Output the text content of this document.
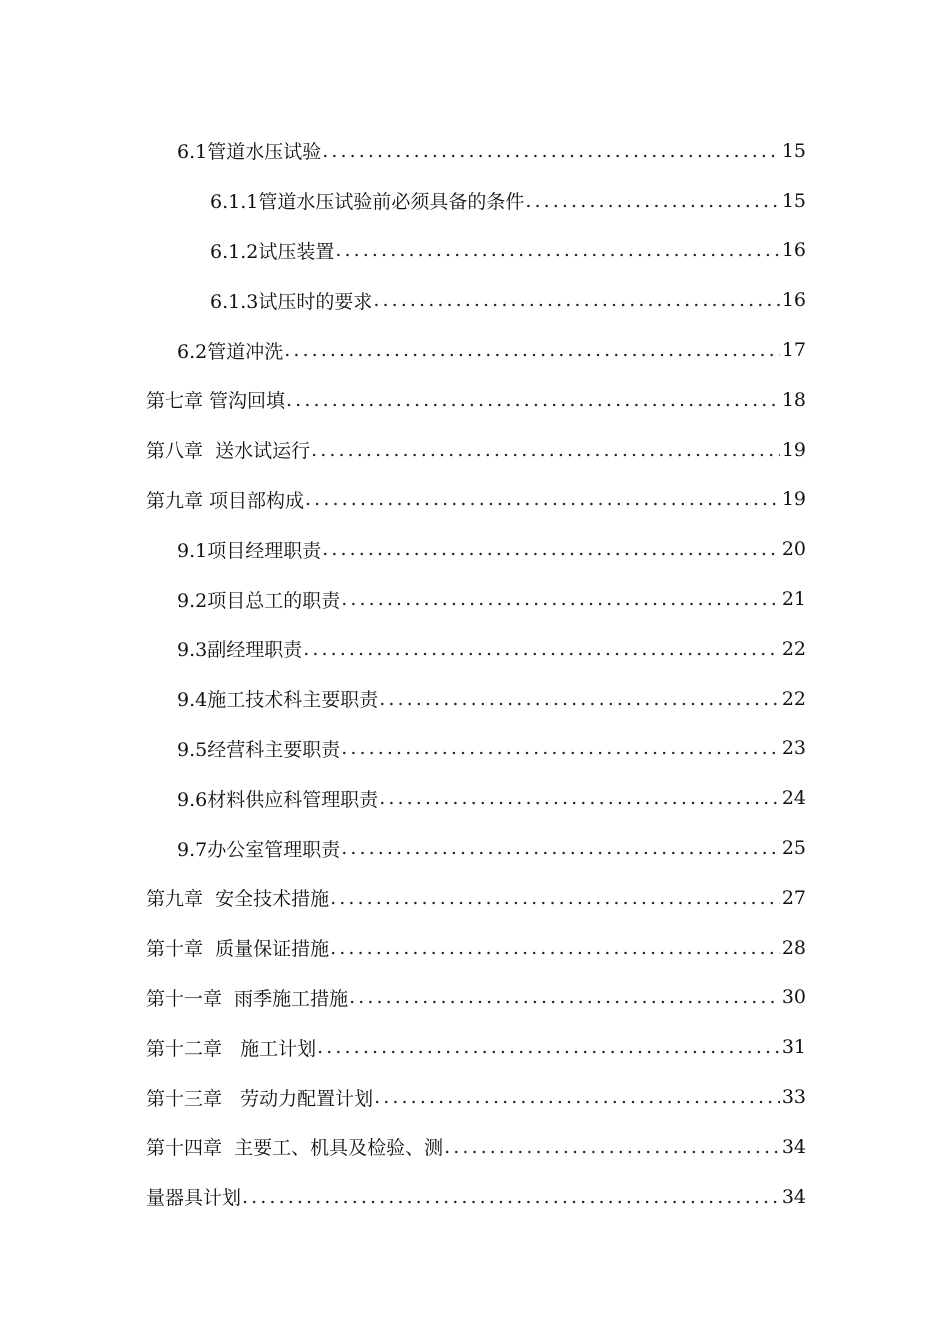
6.1管道水压试验 .....	15
6.1.1管道水压试验前必须具备的条件 .....	15
6.1.2试压装置 .....	16
6.1.3试压时的要求 .....	16
6.2管道冲洗 .....	17
第七章 管沟回填 .....	18
第八章  送水试运行 .....	19
第九章 项目部构成 .....	19
9.1项目经理职责 .....	20
9.2项目总工的职责 .....	21
9.3副经理职责 .....	22
9.4施工技术科主要职责 .....	22
9.5经营科主要职责 .....	23
9.6材料供应科管理职责 .....	24
9.7办公室管理职责 .....	25
第九章  安全技术措施 .....	27
第十章  质量保证措施 .....	28
第十一章  雨季施工措施 .....	30
第十二章   施工计划 .....	31
第十三章   劳动力配置计划 .....	33
第十四章  主要工、机具及检验、测 .....	34
量器具计划 .....	34
